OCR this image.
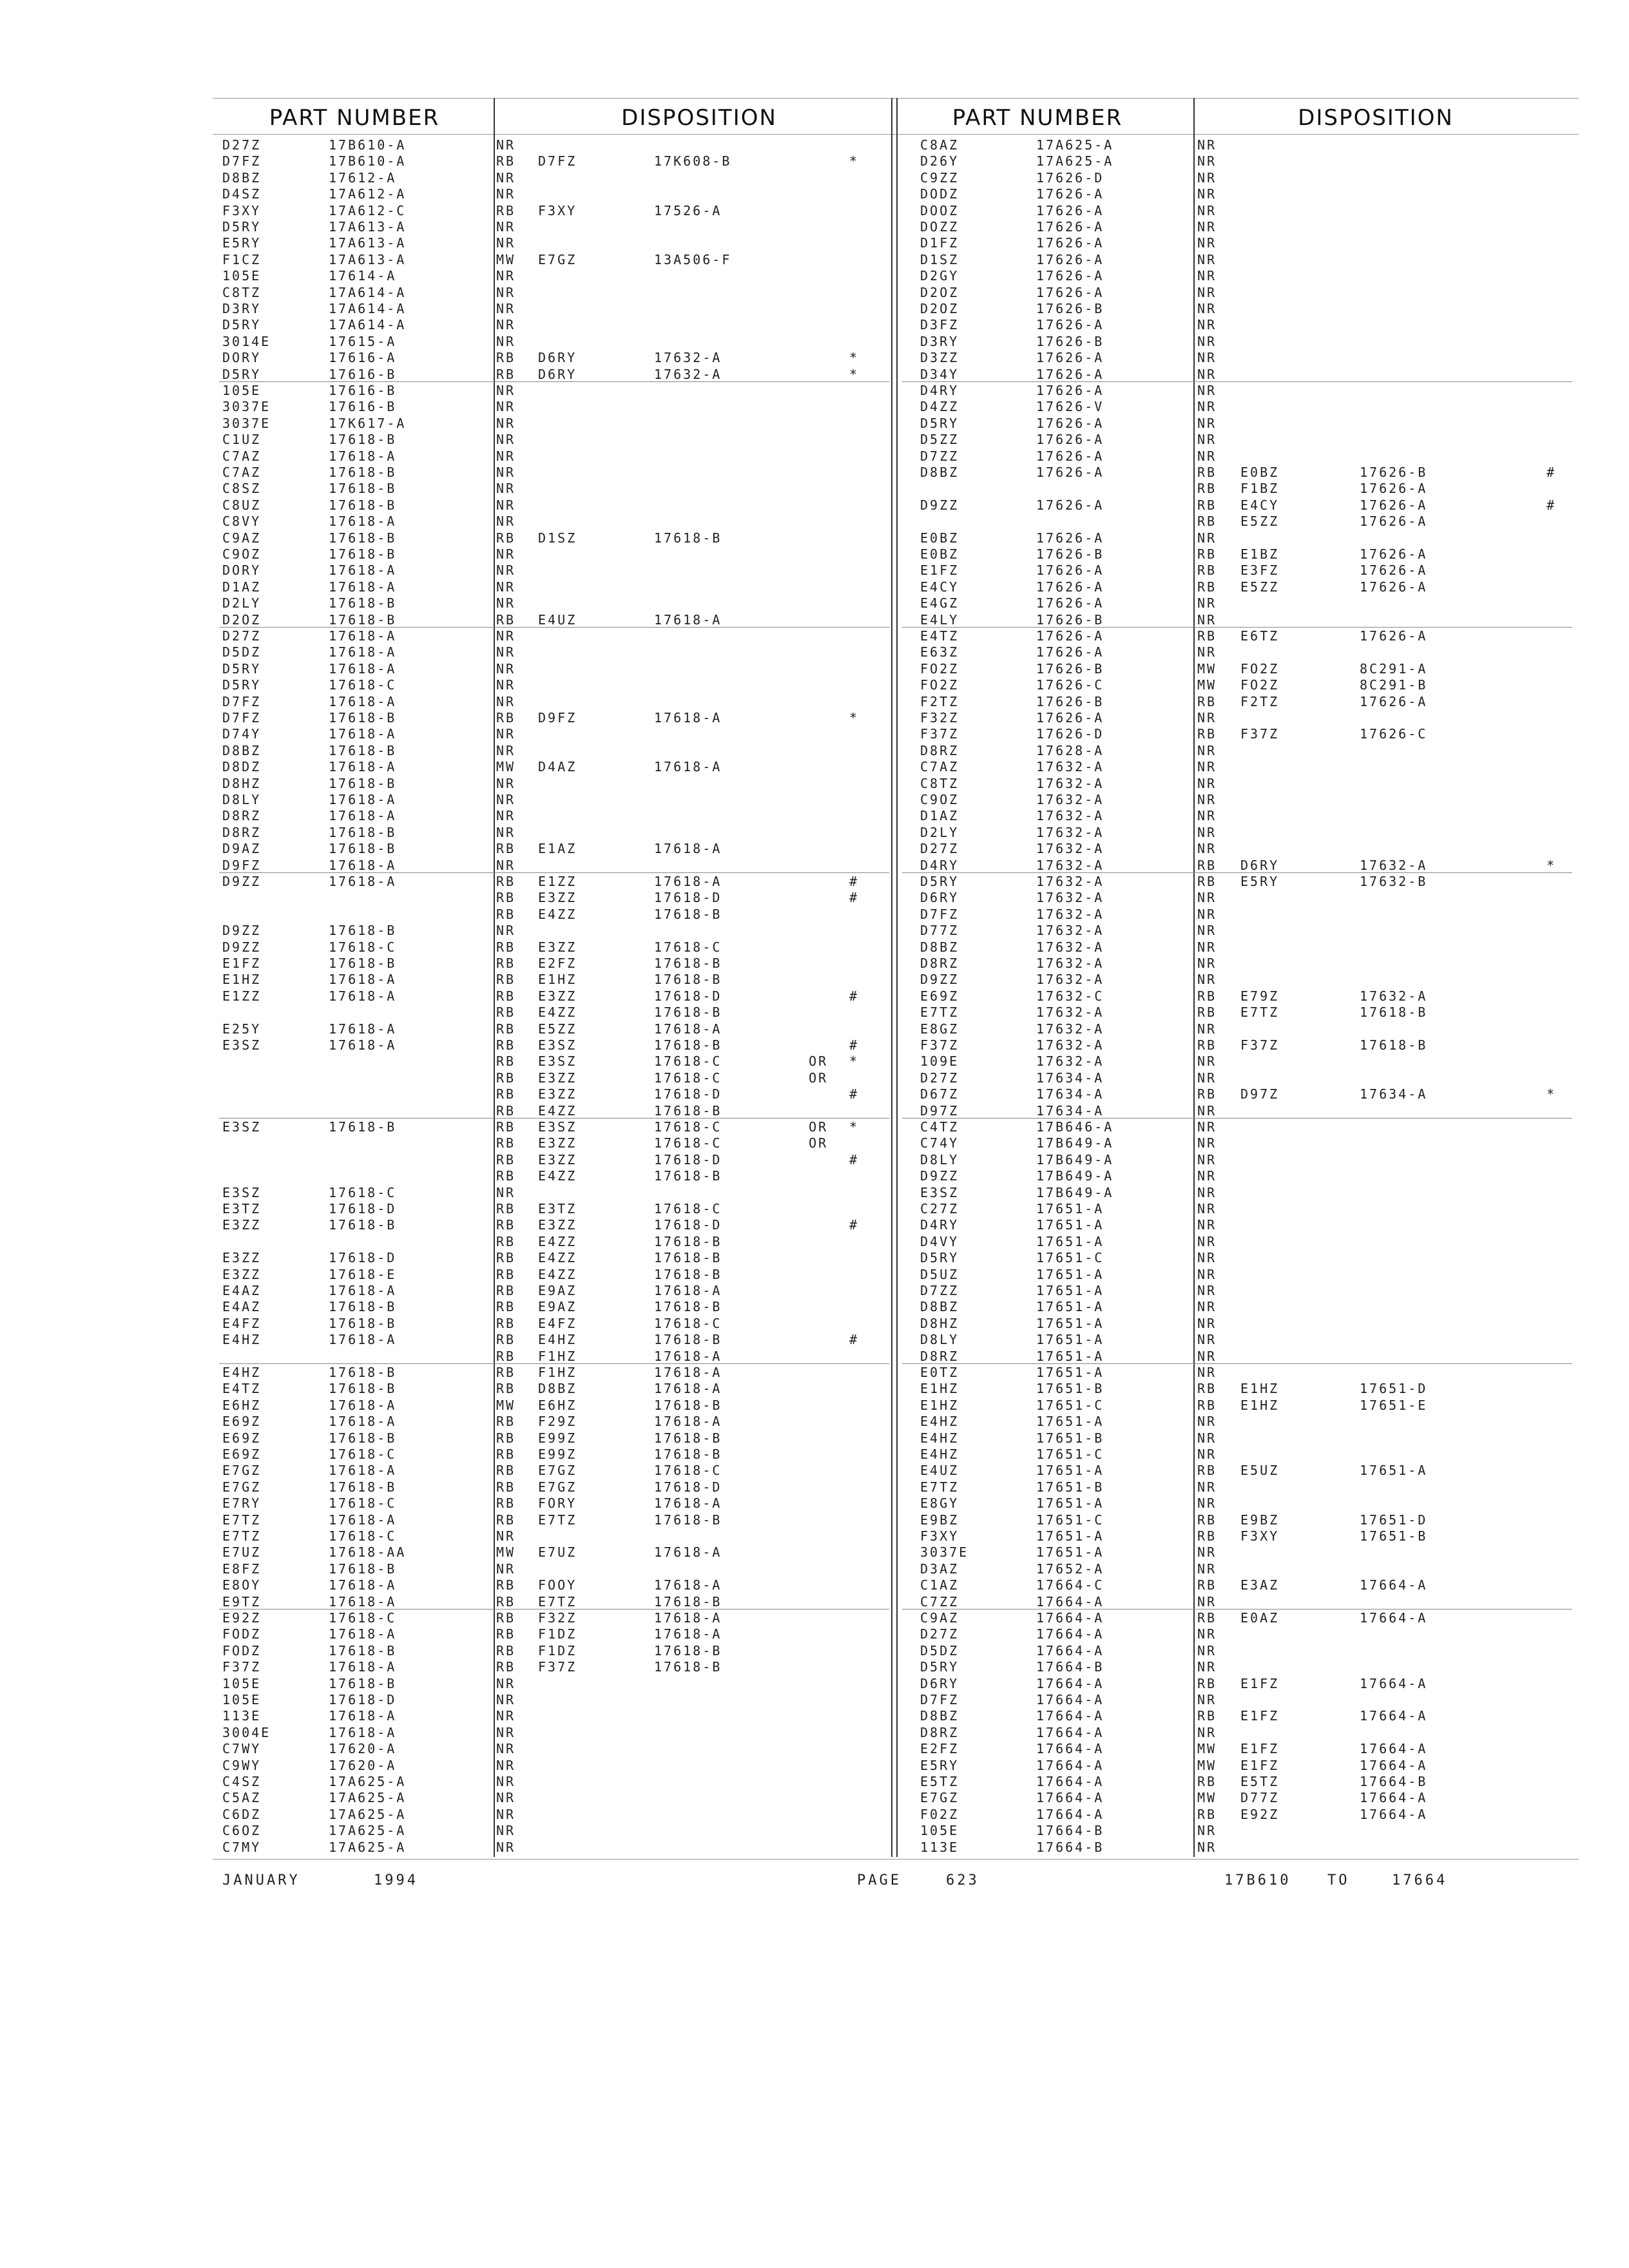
PART NUMBER	DISPOSITION	PART NUMBER	DISPOSITION
D27Z	17B610-A	NR
D7FZ	17B610-A	RB D7FZ	17K608-B	*
D8BZ	17612-A	NR
D4SZ	17A612-A	NR
F3XY	17A612-C	RB F3XY	17526-A
D5RY	17A613-A	NR
E5RY	17A613-A	NR
F1CZ	17A613-A	MW E7GZ	13A506-F
105E	17614-A	NR
C8TZ	17A614-A	NR
D3RY	17A614-A	NR
D5RY	17A614-A	NR
3014E	17615-A	NR
DORY	17616-A	RB D6RY	17632-A	*
D5RY	17616-B	RB D6RY	17632-A	*
105E	17616-B	NR
3037E	17616-B	NR
3037E	17K617-A	NR
C1UZ	17618-B	NR
C7AZ	17618-A	NR
C7AZ	17618-B	NR
C8SZ	17618-B	NR
C8UZ	17618-B	NR
C8VY	17618-A	NR
C9AZ	17618-B	RB D1SZ	17618-B
C9OZ	17618-B	NR
DORY	17618-A	NR
D1AZ	17618-A	NR
D2LY	17618-B	NR
D2OZ	17618-B	RB E4UZ	17618-A
D27Z	17618-A	NR
D5DZ	17618-A	NR
D5RY	17618-A	NR
D5RY	17618-C	NR
D7FZ	17618-A	NR
D7FZ	17618-B	RB D9FZ	17618-A	*
D74Y	17618-A	NR
D8BZ	17618-B	NR
D8DZ	17618-A	MW D4AZ	17618-A
D8HZ	17618-B	NR
D8LY	17618-A	NR
D8RZ	17618-A	NR
D8RZ	17618-B	NR
D9AZ	17618-B	RB E1AZ	17618-A
D9FZ	17618-A	NR
D9ZZ	17618-A	RB E1ZZ	17618-A	#
RB E3ZZ	17618-D	#
RB E4ZZ	17618-B
D9ZZ	17618-B	NR
D9ZZ	17618-C	RB E3ZZ	17618-C
E1FZ	17618-B	RB E2FZ	17618-B
E1HZ	17618-A	RB E1HZ	17618-B
E1ZZ	17618-A	RB E3ZZ	17618-D	#
RB E4ZZ	17618-B
E25Y	17618-A	RB E5ZZ	17618-A
E3SZ	17618-A	RB E3SZ	17618-B	#
RB E3SZ	17618-C	OR *
RB E3ZZ	17618-C	OR
RB E3ZZ	17618-D	#
RB E4ZZ	17618-B
E3SZ	17618-B	RB E3SZ	17618-C	OR *
RB E3ZZ	17618-C	OR
RB E3ZZ	17618-D	#
RB E4ZZ	17618-B
E3SZ	17618-C	NR
E3TZ	17618-D	RB E3TZ	17618-C
E3ZZ	17618-B	RB E3ZZ	17618-D	#
RB E4ZZ	17618-B
E3ZZ	17618-D	RB E4ZZ	17618-B
E3ZZ	17618-E	RB E4ZZ	17618-B
E4AZ	17618-A	RB E9AZ	17618-A
E4AZ	17618-B	RB E9AZ	17618-B
E4FZ	17618-B	RB E4FZ	17618-C
E4HZ	17618-A	RB E4HZ	17618-B	#
RB F1HZ	17618-A
E4HZ	17618-B	RB F1HZ	17618-A
E4TZ	17618-B	RB D8BZ	17618-A
E6HZ	17618-A	MW E6HZ	17618-B
E69Z	17618-A	RB F29Z	17618-A
E69Z	17618-B	RB E99Z	17618-B
E69Z	17618-C	RB E99Z	17618-B
E7GZ	17618-A	RB E7GZ	17618-C
E7GZ	17618-B	RB E7GZ	17618-D
E7RY	17618-C	RB FORY	17618-A
E7TZ	17618-A	RB E7TZ	17618-B
E7TZ	17618-C	NR
E7UZ	17618-AA	MW E7UZ	17618-A
E8FZ	17618-B	NR
E8OY	17618-A	RB FOOY	17618-A
E9TZ	17618-A	RB E7TZ	17618-B
E92Z	17618-C	RB F32Z	17618-A
FODZ	17618-A	RB F1DZ	17618-A
FODZ	17618-B	RB F1DZ	17618-B
F37Z	17618-A	RB F37Z	17618-B
105E	17618-B	NR
105E	17618-D	NR
113E	17618-A	NR
3004E	17618-A	NR
C7WY	17620-A	NR
C9WY	17620-A	NR
C4SZ	17A625-A	NR
C5AZ	17A625-A	NR
C6DZ	17A625-A	NR
C6OZ	17A625-A	NR
C7MY	17A625-A	NR
C8AZ	17A625-A	NR
D26Y	17A625-A	NR
C9ZZ	17626-D	NR
DODZ	17626-A	NR
DOOZ	17626-A	NR
DOZZ	17626-A	NR
D1FZ	17626-A	NR
D1SZ	17626-A	NR
D2GY	17626-A	NR
D2OZ	17626-A	NR
D2OZ	17626-B	NR
D3FZ	17626-A	NR
D3RY	17626-B	NR
D3ZZ	17626-A	NR
D34Y	17626-A	NR
D4RY	17626-A	NR
D4ZZ	17626-V	NR
D5RY	17626-A	NR
D5ZZ	17626-A	NR
D7ZZ	17626-A	NR
D8BZ	17626-A	RB E0BZ	17626-B	#
RB F1BZ	17626-A
D9ZZ	17626-A	RB E4CY	17626-A	#
RB E5ZZ	17626-A
E0BZ	17626-A	NR
E0BZ	17626-B	RB E1BZ	17626-A
E1FZ	17626-A	RB E3FZ	17626-A
E4CY	17626-A	RB E5ZZ	17626-A
E4GZ	17626-A	NR
E4LY	17626-B	NR
E4TZ	17626-A	RB E6TZ	17626-A
E63Z	17626-A	NR
FO2Z	17626-B	MW FO2Z	8C291-A
FO2Z	17626-C	MW FO2Z	8C291-B
F2TZ	17626-B	RB F2TZ	17626-A
F32Z	17626-A	NR
F37Z	17626-D	RB F37Z	17626-C
D8RZ	17628-A	NR
C7AZ	17632-A	NR
C8TZ	17632-A	NR
C9OZ	17632-A	NR
D1AZ	17632-A	NR
D2LY	17632-A	NR
D27Z	17632-A	NR
D4RY	17632-A	RB D6RY	17632-A	*
D5RY	17632-A	RB E5RY	17632-B
D6RY	17632-A	NR
D7FZ	17632-A	NR
D77Z	17632-A	NR
D8BZ	17632-A	NR
D8RZ	17632-A	NR
D9ZZ	17632-A	NR
E69Z	17632-C	RB E79Z	17632-A
E7TZ	17632-A	RB E7TZ	17618-B
E8GZ	17632-A	NR
F37Z	17632-A	RB F37Z	17618-B
109E	17632-A	NR
D27Z	17634-A	NR
D67Z	17634-A	RB D97Z	17634-A	*
D97Z	17634-A	NR
C4TZ	17B646-A	NR
C74Y	17B649-A	NR
D8LY	17B649-A	NR
D9ZZ	17B649-A	NR
E3SZ	17B649-A	NR
C27Z	17651-A	NR
D4RY	17651-A	NR
D4VY	17651-A	NR
D5RY	17651-C	NR
D5UZ	17651-A	NR
D7ZZ	17651-A	NR
D8BZ	17651-A	NR
D8HZ	17651-A	NR
D8LY	17651-A	NR
D8RZ	17651-A	NR
E0TZ	17651-A	NR
E1HZ	17651-B	RB E1HZ	17651-D
E1HZ	17651-C	RB E1HZ	17651-E
E4HZ	17651-A	NR
E4HZ	17651-B	NR
E4HZ	17651-C	NR
E4UZ	17651-A	RB E5UZ	17651-A
E7TZ	17651-B	NR
E8GY	17651-A	NR
E9BZ	17651-C	RB E9BZ	17651-D
F3XY	17651-A	RB F3XY	17651-B
3037E	17651-A	NR
D3AZ	17652-A	NR
C1AZ	17664-C	RB E3AZ	17664-A
C7ZZ	17664-A	NR
C9AZ	17664-A	RB E0AZ	17664-A
D27Z	17664-A	NR
D5DZ	17664-A	NR
D5RY	17664-B	NR
D6RY	17664-A	RB E1FZ	17664-A
D7FZ	17664-A	NR
D8BZ	17664-A	RB E1FZ	17664-A
D8RZ	17664-A	NR
E2FZ	17664-A	MW E1FZ	17664-A
E5RY	17664-A	MW E1FZ	17664-A
E5TZ	17664-A	RB E5TZ	17664-B
E7GZ	17664-A	MW D77Z	17664-A
F02Z	17664-A	RB E92Z	17664-A
105E	17664-B	NR
113E	17664-B	NR
JANUARY	1994	PAGE	623	17B610	TO	17664
